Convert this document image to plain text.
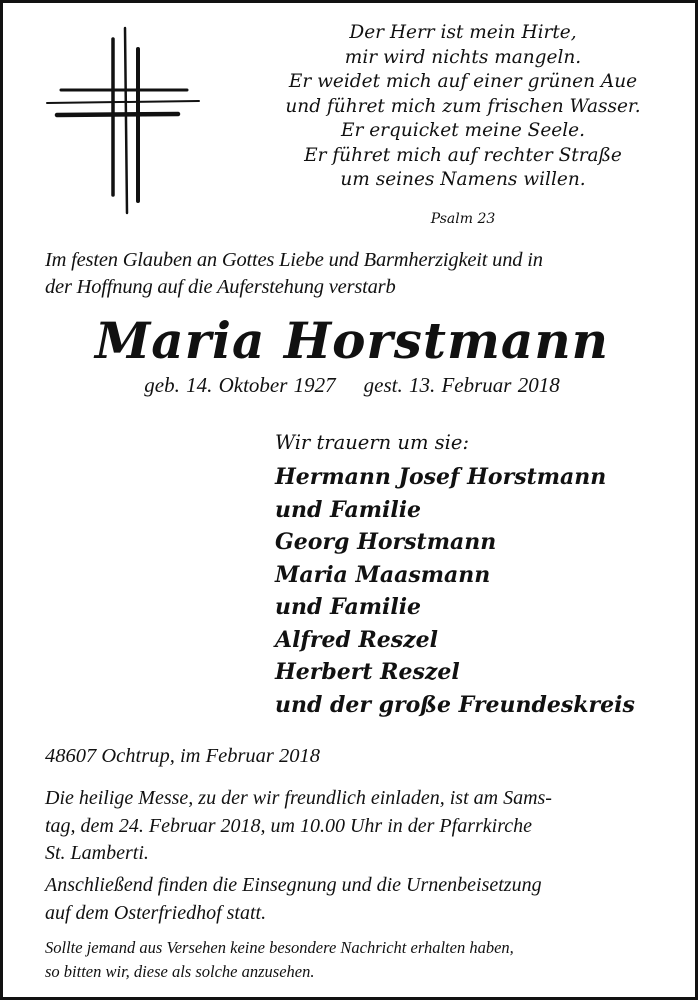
Der Herr ist mein Hirte,
mir wird nichts mangeln.
Er weidet mich auf einer grünen Aue
und führet mich zum frischen Wasser.
Er erquicket meine Seele.
Er führet mich auf rechter Straße
um seines Namens willen.
Psalm 23
Im festen Glauben an Gottes Liebe und Barmherzigkeit und in
der Hoffnung auf die Auferstehung verstarb
Maria Horstmann
geb. 14. Oktober 1927 gest. 13. Februar 2018
Wir trauern um sie:
Hermann Josef Horstmann
und Familie
Georg Horstmann
Maria Maasmann
und Familie
Alfred Reszel
Herbert Reszel
und der große Freundeskreis
48607 Ochtrup, im Februar 2018
Die heilige Messe, zu der wir freundlich einladen, ist am Sams-
tag, dem 24. Februar 2018, um 10.00 Uhr in der Pfarrkirche
St. Lamberti.
Anschließend finden die Einsegnung und die Urnenbeisetzung
auf dem Osterfriedhof statt.
Sollte jemand aus Versehen keine besondere Nachricht erhalten haben,
so bitten wir, diese als solche anzusehen.
